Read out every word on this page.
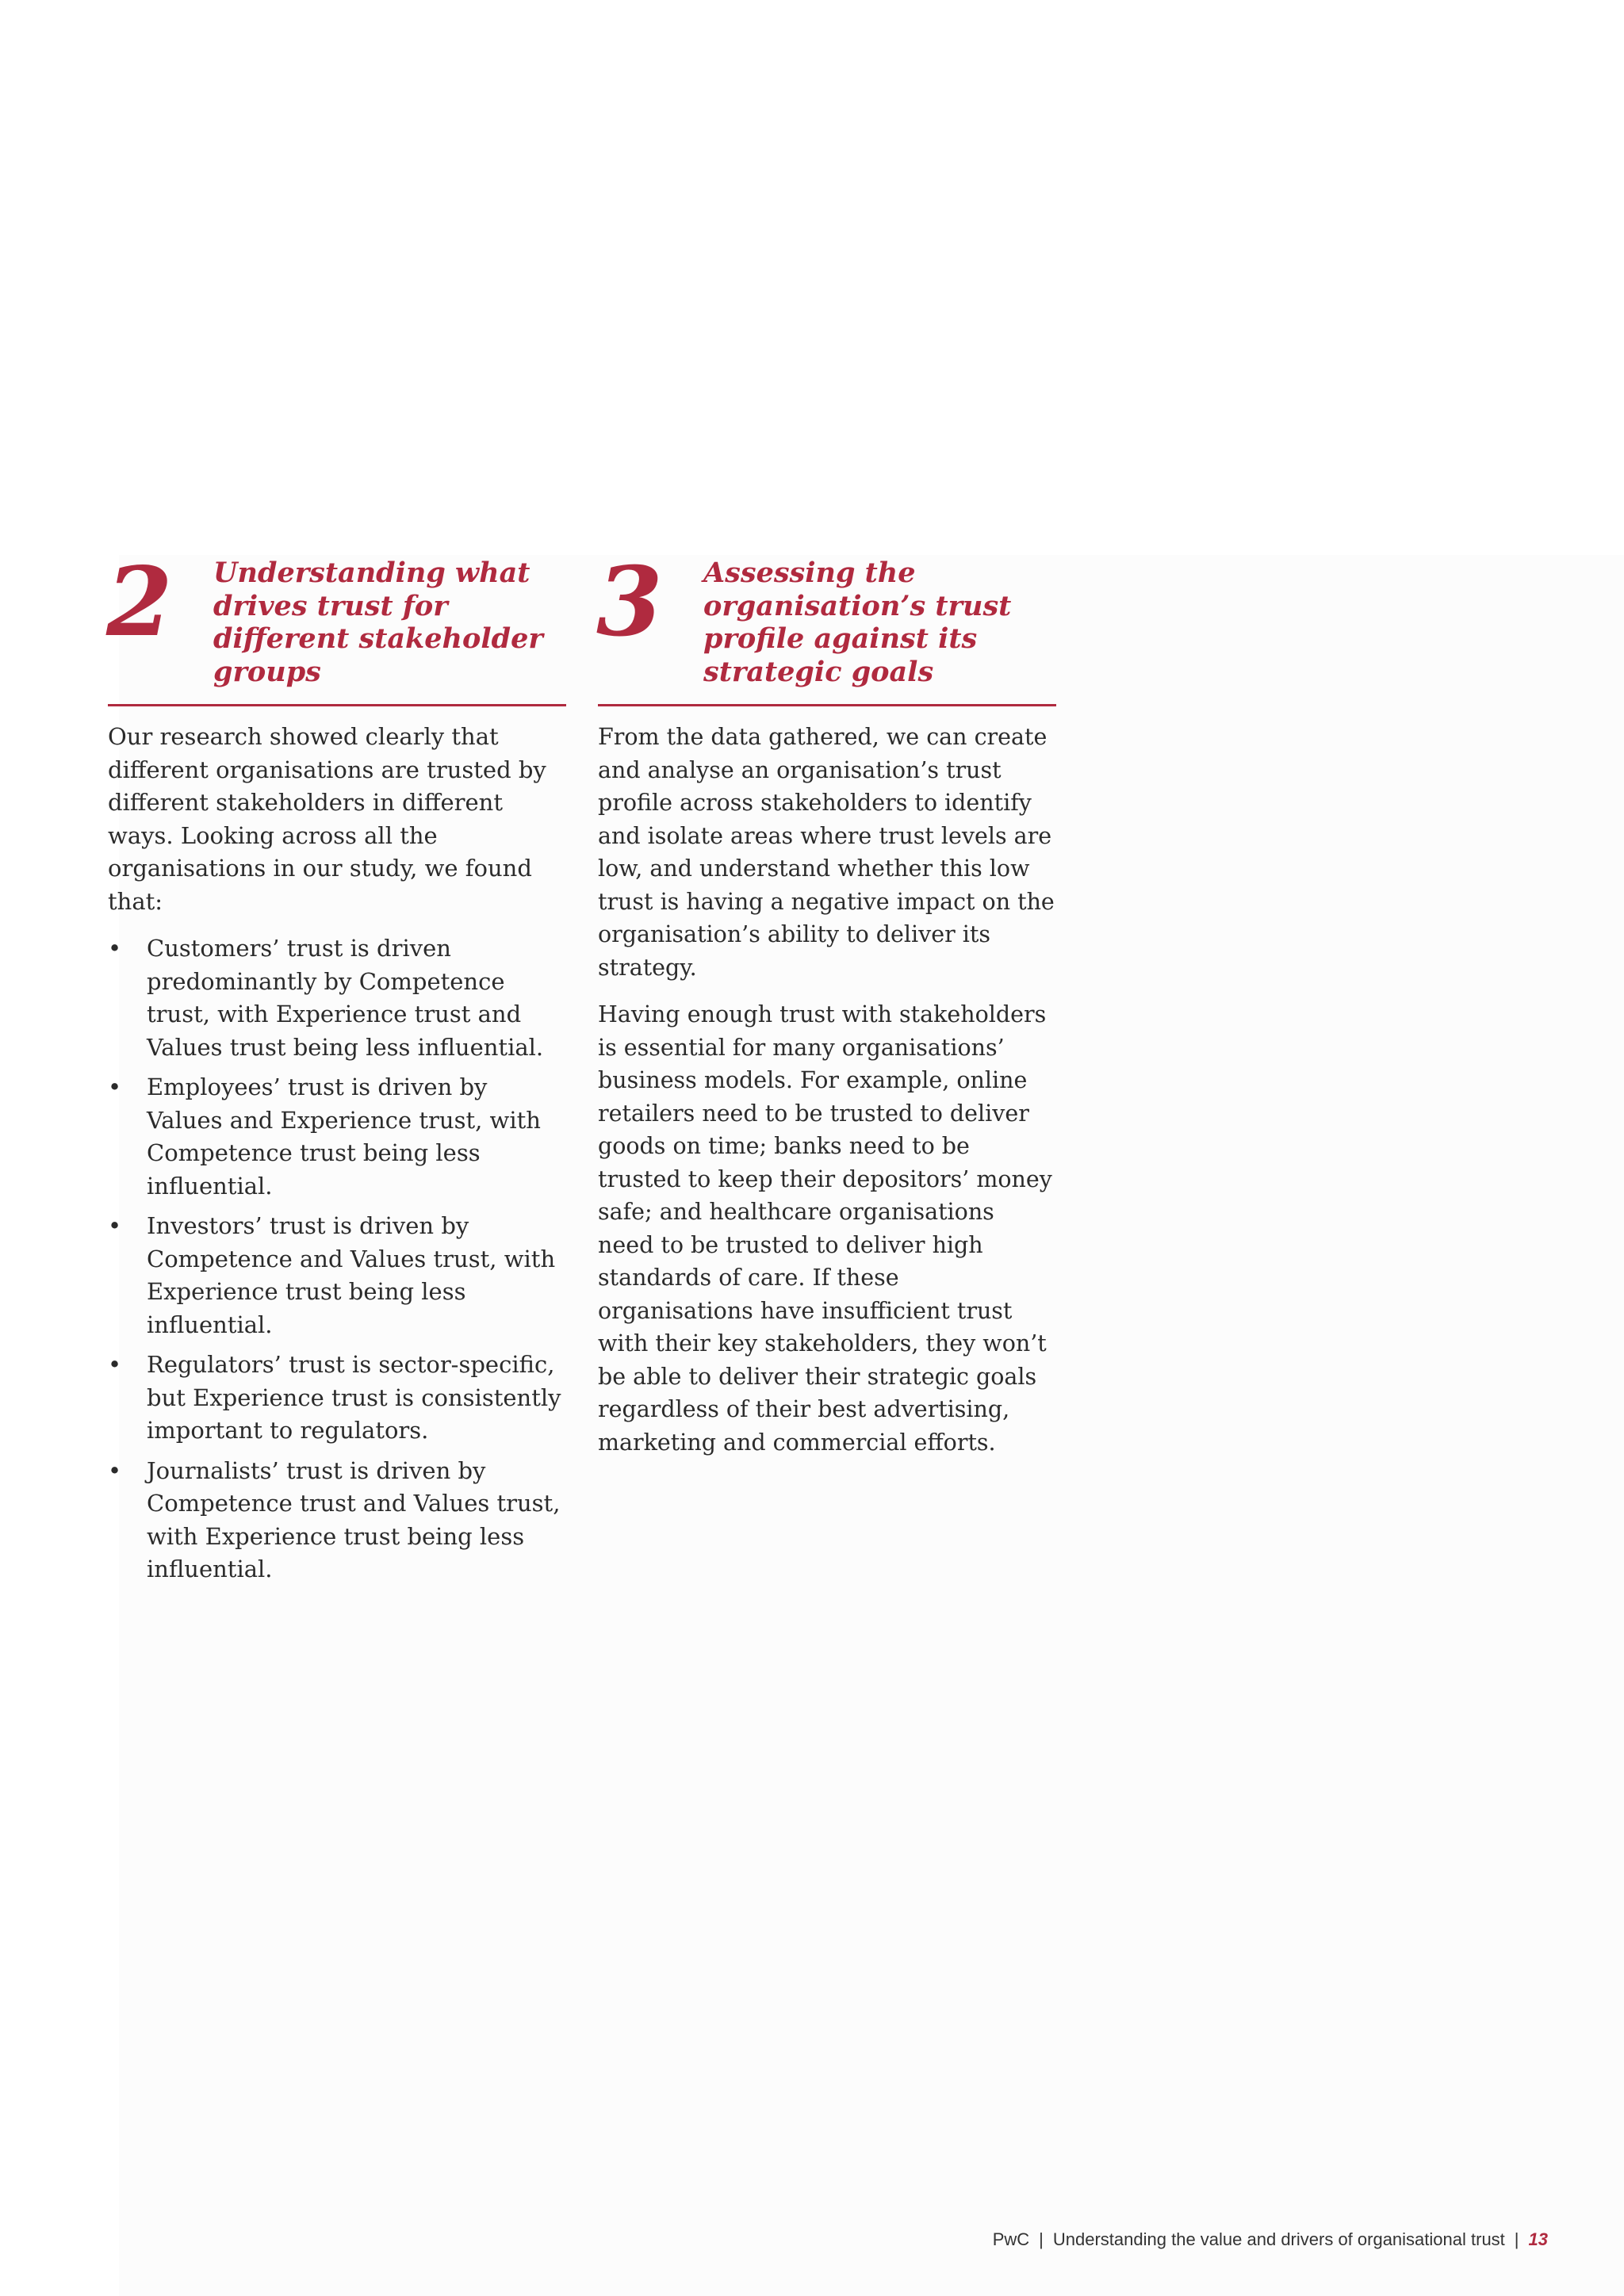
2 Understanding what drives trust for different stakeholder groups

Our research showed clearly that different organisations are trusted by different stakeholders in different ways. Looking across all the organisations in our study, we found that:

• Customers’ trust is driven predominantly by Competence trust, with Experience trust and Values trust being less influential.
• Employees’ trust is driven by Values and Experience trust, with Competence trust being less influential.
• Investors’ trust is driven by Competence and Values trust, with Experience trust being less influential.
• Regulators’ trust is sector-specific, but Experience trust is consistently important to regulators.
• Journalists’ trust is driven by Competence trust and Values trust, with Experience trust being less influential.
3 Assessing the organisation’s trust profile against its strategic goals

From the data gathered, we can create and analyse an organisation’s trust profile across stakeholders to identify and isolate areas where trust levels are low, and understand whether this low trust is having a negative impact on the organisation’s ability to deliver its strategy.

Having enough trust with stakeholders is essential for many organisations’ business models. For example, online retailers need to be trusted to deliver goods on time; banks need to be trusted to keep their depositors’ money safe; and healthcare organisations need to be trusted to deliver high standards of care. If these organisations have insufficient trust with their key stakeholders, they won’t be able to deliver their strategic goals regardless of their best advertising, marketing and commercial efforts.

PwC | Understanding the value and drivers of organisational trust | 13
